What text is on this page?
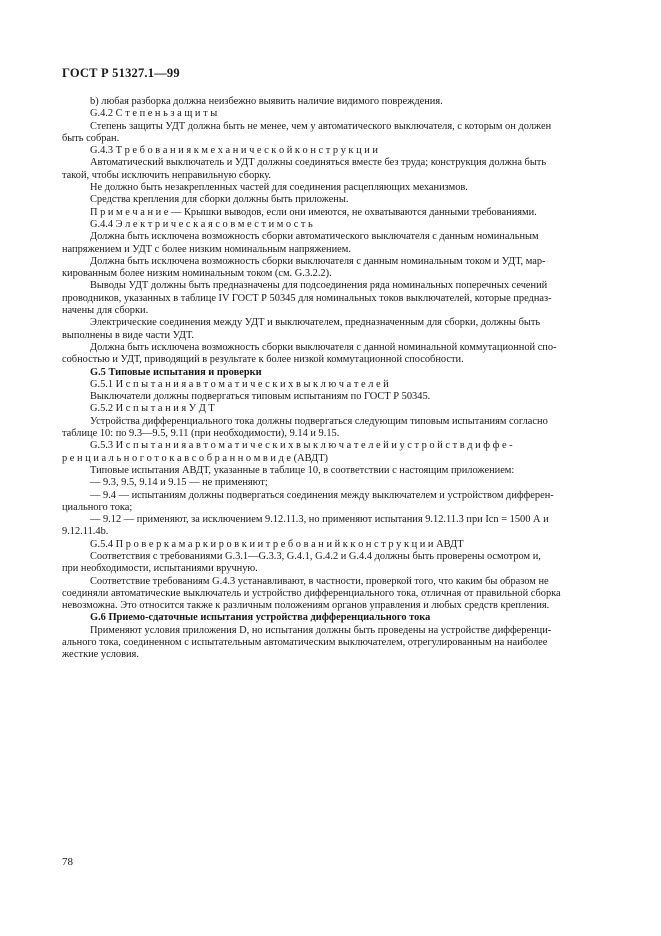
ГОСТ Р 51327.1—99

b) любая разборка должна неизбежно выявить наличие видимого повреждения.

G.4.2 С т е п е н ь з а щ и т ы

Степень защиты УДТ должна быть не менее, чем у автоматического выключателя, с которым он должен

быть собран.

G.4.3 Т р е б о в а н и я к м е х а н и ч е с к о й к о н с т р у к ц и и

Автоматический выключатель и УДТ должны соединяться вместе без труда; конструкция должна быть

такой, чтобы исключить неправильную сборку.

Не должно быть незакрепленных частей для соединения расцепляющих механизмов.

Средства крепления для сборки должны быть приложены.

П р и м е ч а н и е — Крышки выводов, если они имеются, не охватываются данными требованиями.

G.4.4 Э л е к т р и ч е с к а я с о в м е с т и м о с т ь

Должна быть исключена возможность сборки автоматического выключателя с данным номинальным

напряжением и УДТ с более низким номинальным напряжением.

Должна быть исключена возможность сборки выключателя с данным номинальным током и УДТ, мар-

кированным более низким номинальным током (см. G.3.2.2).

Выводы УДТ должны быть предназначены для подсоединения ряда номинальных поперечных сечений

проводников, указанных в таблице IV ГОСТ Р 50345 для номинальных токов выключателей, которые предназ-

начены для сборки.

Электрические соединения между УДТ и выключателем, предназначенным для сборки, должны быть

выполнены в виде части УДТ.

Должна быть исключена возможность сборки выключателя с данной номинальной коммутационной спо-

собностью и УДТ, приводящий в результате к более низкой коммутационной способности.

G.5 Типовые испытания и проверки

G.5.1 И с п ы т а н и я а в т о м а т и ч е с к и х в ы к л ю ч а т е л е й

Выключатели должны подвергаться типовым испытаниям по ГОСТ Р 50345.

G.5.2 И с п ы т а н и я У Д Т

Устройства дифференциального тока должны подвергаться следующим типовым испытаниям согласно

таблице 10: по 9.3—9.5, 9.11 (при необходимости), 9.14 и 9.15.

G.5.3 И с п ы т а н и я а в т о м а т и ч е с к и х в ы к л ю ч а т е л е й и у с т р о й с т в д и ф ф е -

р е н ц и а л ь н о г о т о к а в с о б р а н н о м в и д е (АВДТ)

Типовые испытания АВДТ, указанные в таблице 10, в соответствии с настоящим приложением:

— 9.3, 9.5, 9.14 и 9.15 — не применяют;

— 9.4 — испытаниям должны подвергаться соединения между выключателем и устройством дифферен-

циального тока;

— 9.12 — применяют, за исключением 9.12.11.3, но применяют испытания 9.12.11.3 при Icn = 1500 А и

9.12.11.4b.

G.5.4 П р о в е р к а м а р к и р о в к и и т р е б о в а н и й к к о н с т р у к ц и и АВДТ

Соответствия с требованиями G.3.1—G.3.3, G.4.1, G.4.2 и G.4.4 должны быть проверены осмотром и,

при необходимости, испытаниями вручную.

Соответствие требованиям G.4.3 устанавливают, в частности, проверкой того, что каким бы образом не

соединяли автоматические выключатель и устройство дифференциального тока, отличная от правильной сборка

невозможна. Это относится также к различным положениям органов управления и любых средств крепления.

G.6 Приемо-сдаточные испытания устройства дифференциального тока

Применяют условия приложения D, но испытания должны быть проведены на устройстве дифференци-

ального тока, соединенном с испытательным автоматическим выключателем, отрегулированным на наиболее

жесткие условия.

78
